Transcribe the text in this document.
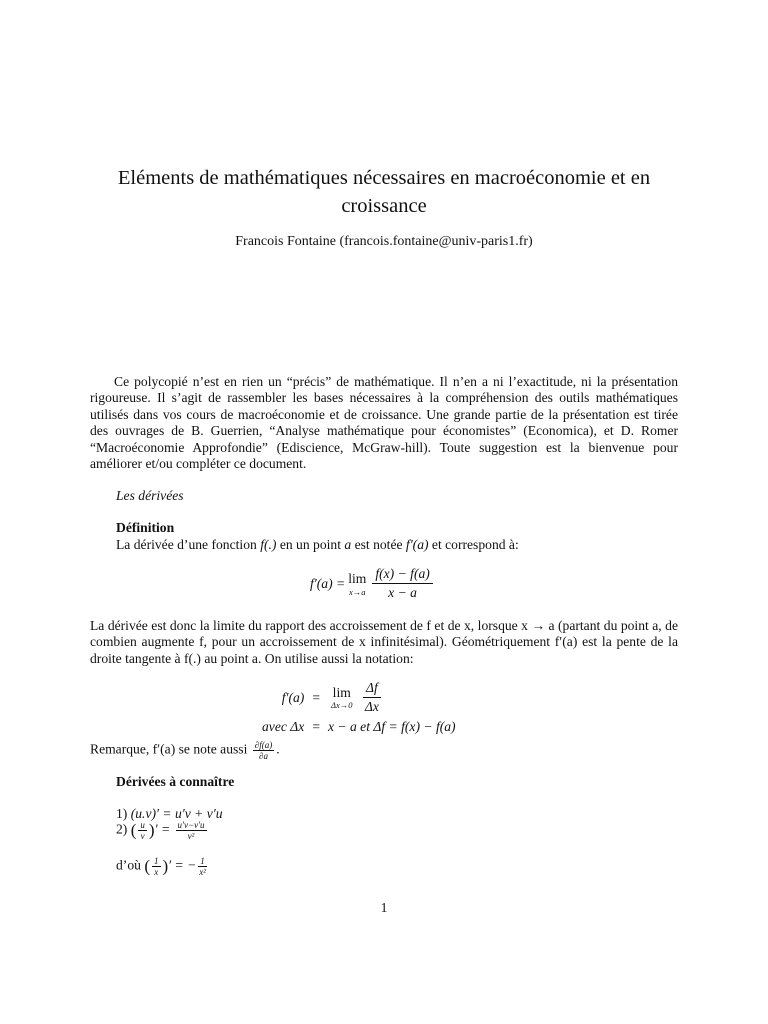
Eléments de mathématiques nécessaires en macroéconomie et en croissance
Francois Fontaine (francois.fontaine@univ-paris1.fr)

Ce polycopié n’est en rien un “précis” de mathématique. Il n’en a ni l’exactitude, ni la présentation rigoureuse. Il s’agit de rassembler les bases nécessaires à la compréhension des outils mathématiques utilisés dans vos cours de macroéconomie et de croissance. Une grande partie de la présentation est tirée des ouvrages de B. Guerrien, “Analyse mathématique pour économistes” (Economica), et D. Romer “Macroéconomie Approfondie” (Ediscience, McGraw-hill). Toute suggestion est la bienvenue pour améliorer et/ou compléter ce document.

Les dérivées
Définition
La dérivée d’une fonction f(.) en un point a est notée f′(a) et correspond à:
f′(a) = lim
$x\to a \frac{f(x) - f(a)}{x - a}$

La dérivée est donc la limite du rapport des accroissement de f et de x, lorsque x → a (partant du point a, de combien augmente f, pour un accroissement de x infinitésimal). Géométriquement f′(a) est la pente de la droite tangente à f(.) au point a. On utilise aussi la notation:

f′(a)	=	lim
Δx→0
$\frac{\Delta f}{\Delta x}$

avec Δx	=	x − a et Δf = f(x) − f(a)
Remarque, f′(a) se note aussi $\frac{\partial f(a)}{\partial a}$ .
Dérivées à connaître
1) (u.v)′ = u′v + v′u
2) ( $\frac{u}{v}$ )′ = $\frac{u'v-v'u}{\text{v²}}$
d’où ( $\frac{1}{x}$ )′ = − $\frac{1}{\text{x²}}$
1
